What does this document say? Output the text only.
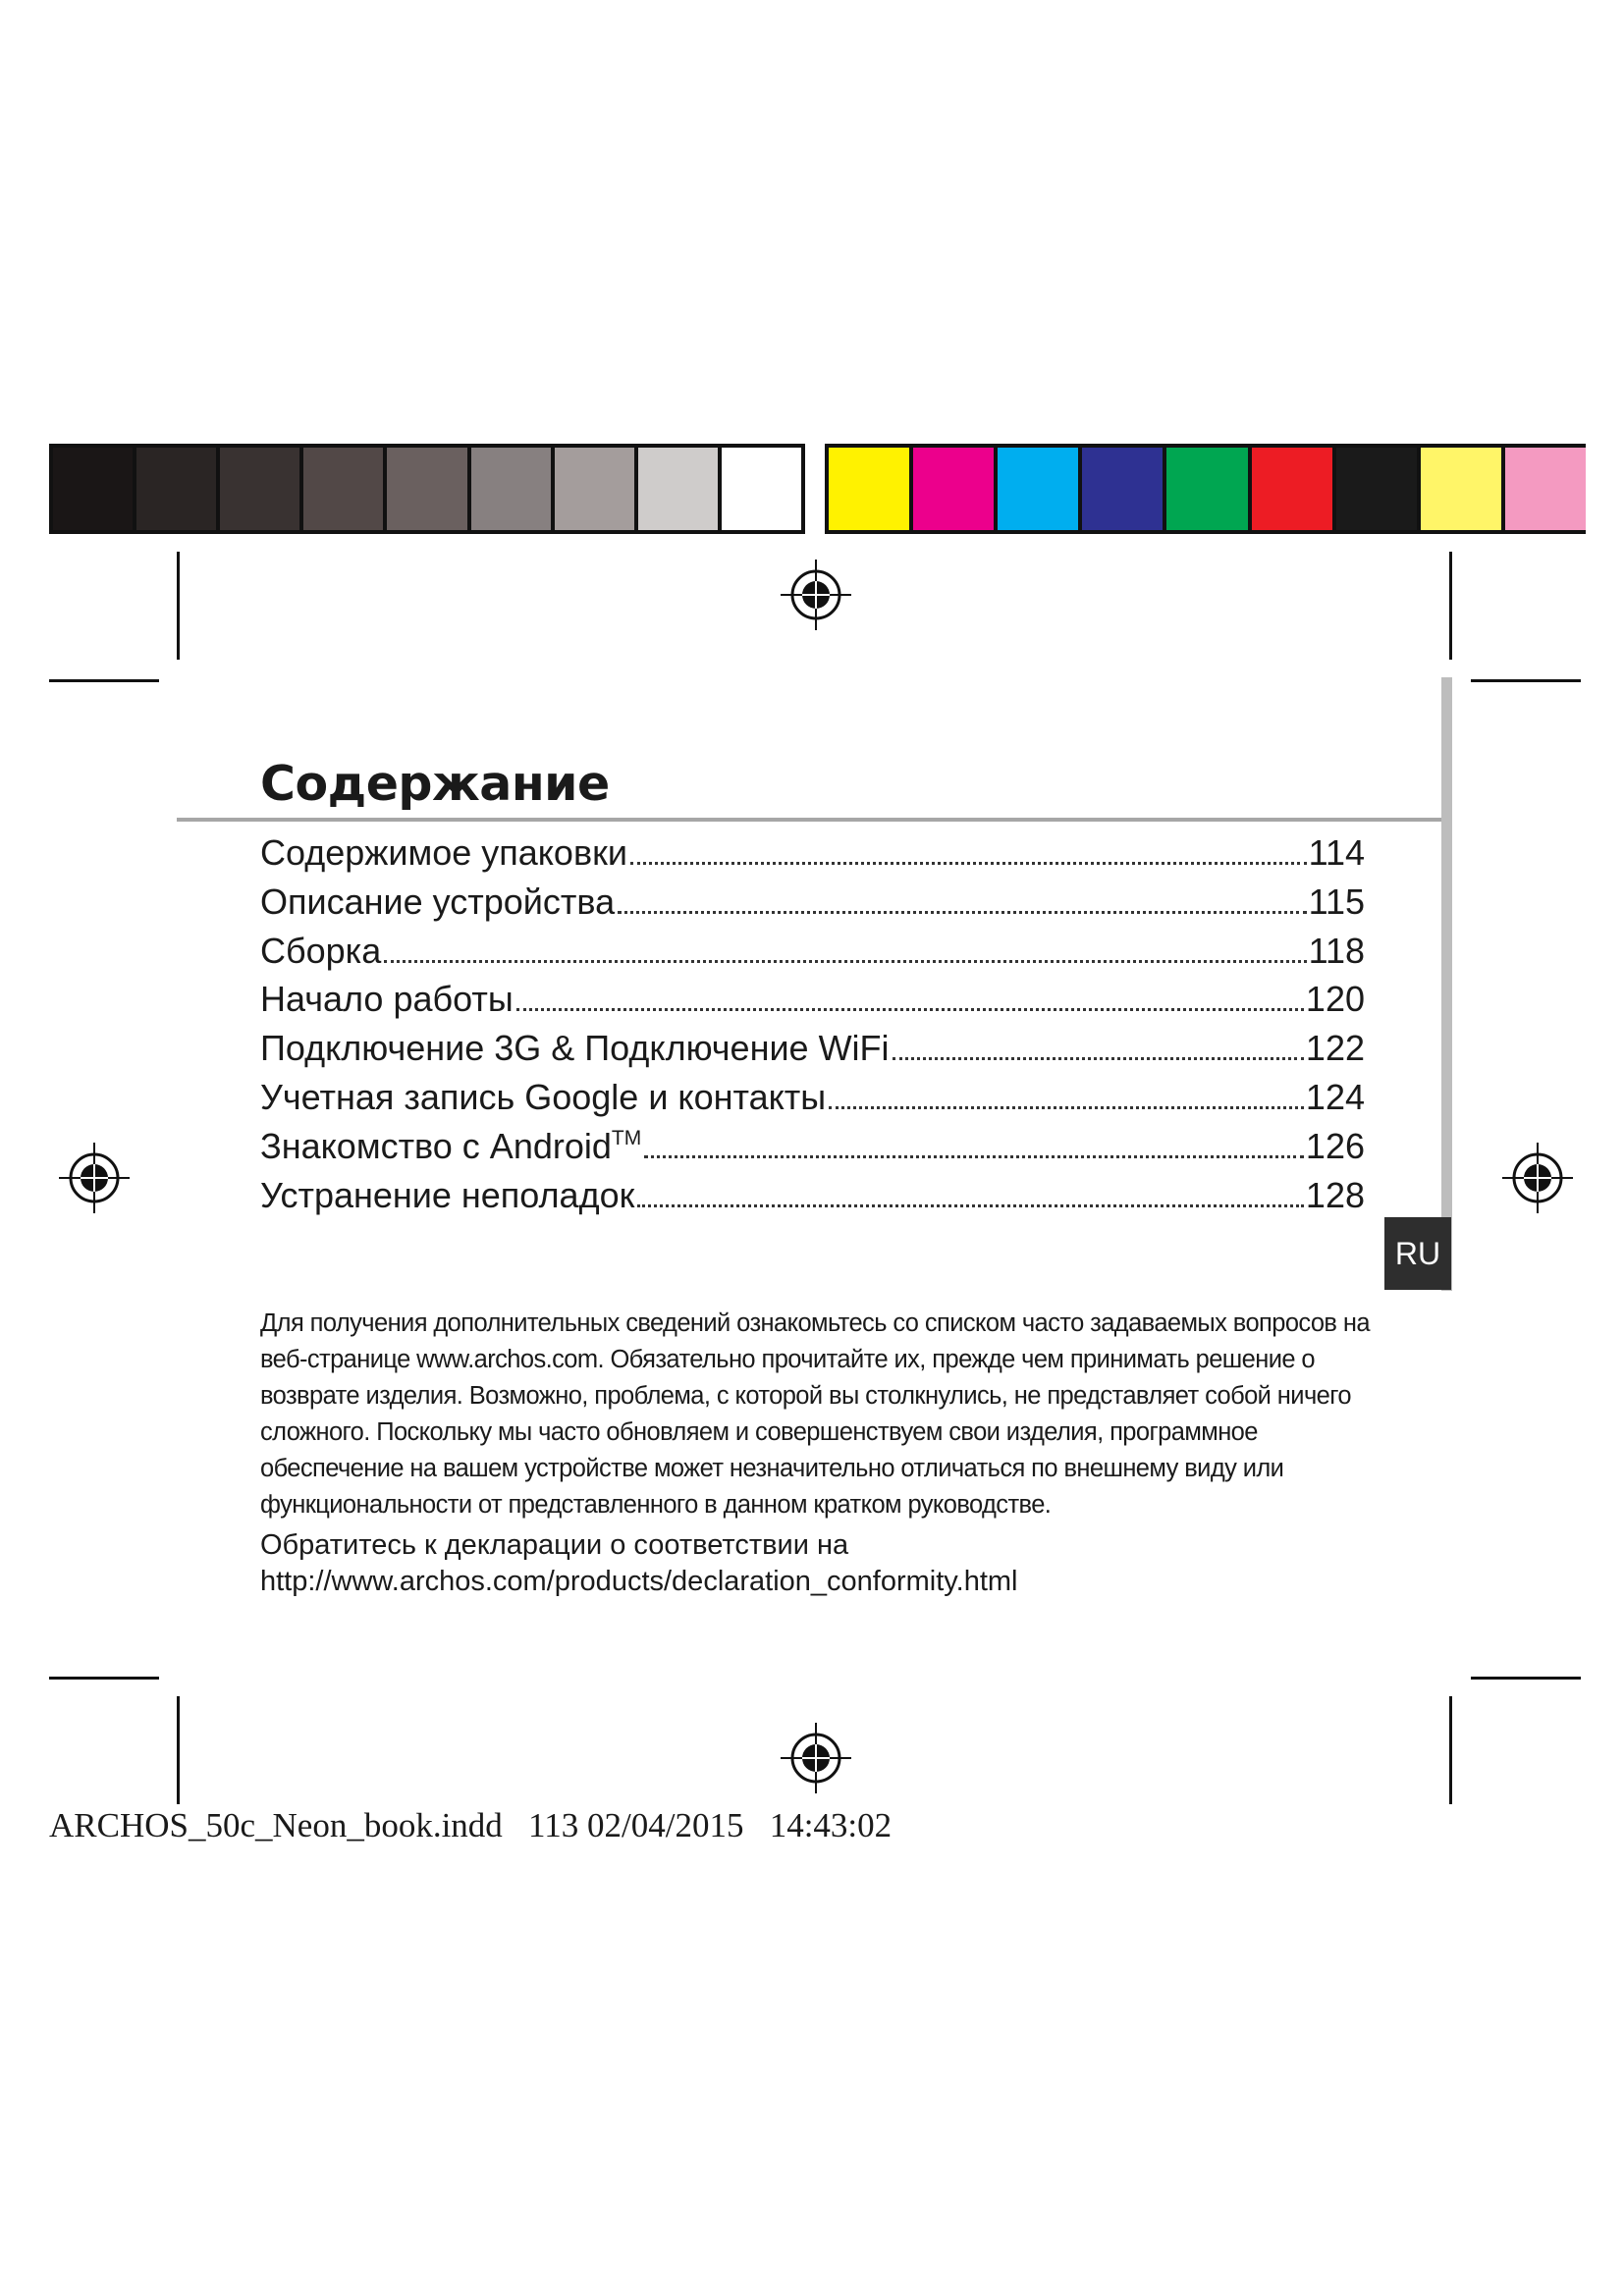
Содержание
Содержимое упаковки	114
Описание устройства	115
Сборка	118
Начало работы	120
Подключение 3G & Подключение WiFi	122
Учетная запись Google и контакты	124
Знакомство с Android™	126
Устранение неполадок	128
RU
Для получения дополнительных сведений ознакомьтесь со списком часто задаваемых вопросов на веб-странице www.archos.com. Обязательно прочитайте их, прежде чем принимать решение о возврате изделия. Возможно, проблема, с которой вы столкнулись, не представляет собой ничего сложного. Поскольку мы часто обновляем и совершенствуем свои изделия, программное обеспечение на вашем устройстве может незначительно отличаться по внешнему виду или функциональности от представленного в данном кратком руководстве.
Обратитесь к декларации о соответствии на http://www.archos.com/products/declaration_conformity.html
ARCHOS_50c_Neon_book.indd   113 02/04/2015   14:43:02
